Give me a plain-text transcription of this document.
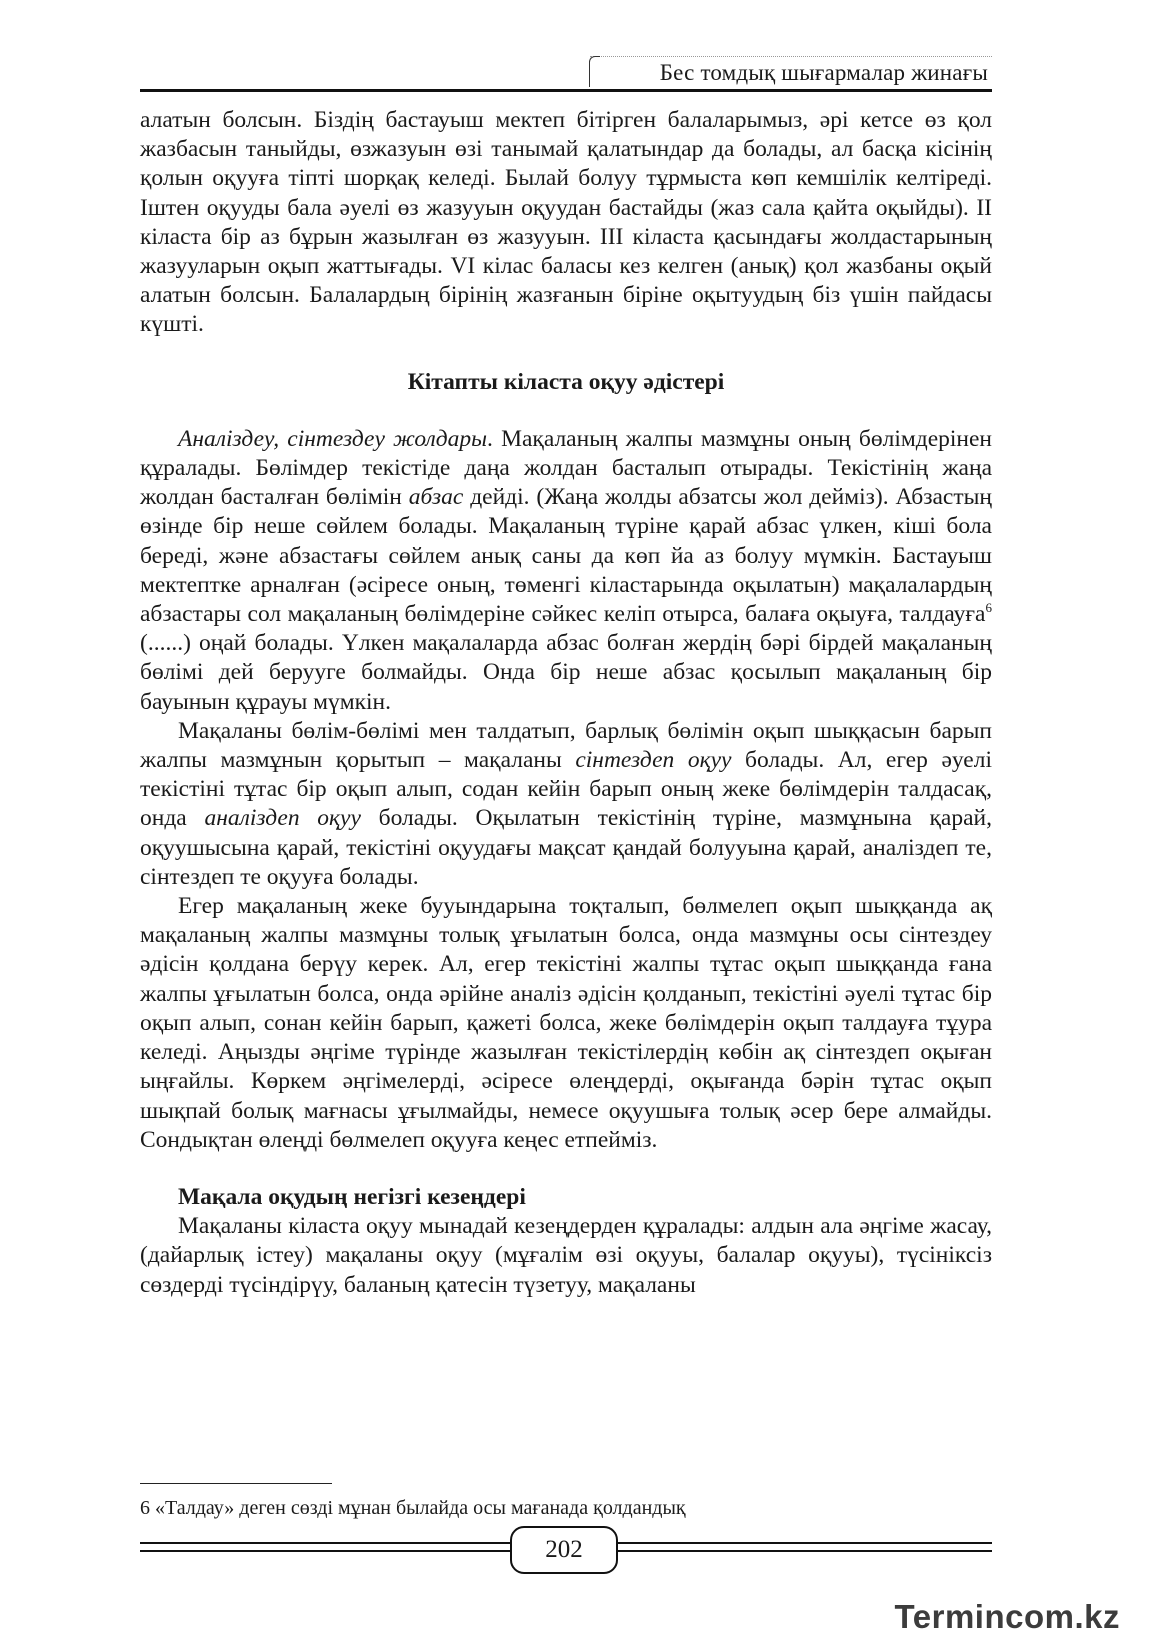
Бес томдық шығармалар жинағы

алатын болсын. Біздің бастауыш мектеп бітірген балаларымыз, әрі кетсе өз қол жазбасын таныйды, өзжазуын өзі танымай қалатындар да болады, ал басқа кісінің қолын оқууға тіпті шорқақ келеді. Былай болуу тұрмыста көп кемшілік келтіреді. Іштен оқууды бала әуелі өз жазууын оқуудан бастайды (жаз сала қайта оқыйды). ІІ кіласта бір аз бұрын жазылған өз жазууын. ІІІ кіласта қасындағы жолдастарының жазууларын оқып жаттығады. VІ кілас баласы кез келген (анық) қол жазбаны оқый алатын болсын. Балалардың бірінің жазғанын біріне оқытуудың біз үшін пайдасы күшті.

Кітапты кіласта оқуу әдістері

Аналіздеу, сінтездеу жолдары. Мақаланың жалпы мазмұны оның бөлімдерінен құралады. Бөлімдер текістіде даңа жолдан басталып отырады. Текістінің жаңа жолдан басталған бөлімін абзас дейді. (Жаңа жолды абзатсы жол дейміз). Абзастың өзінде бір неше сөйлем болады. Мақаланың түріне қарай абзас үлкен, кіші бола береді, және абзастағы сөйлем анық саны да көп йа аз болуу мүмкін. Бастауыш мектептке арналған (әсіресе оның, төменгі кіластарында оқылатын) мақалалардың абзастары сол мақаланың бөлімдеріне сәйкес келіп отырса, балаға оқыуға, талдауға$^6$ (......) оңай болады. Үлкен мақалаларда абзас болған жердің бәрі бірдей мақаланың бөлімі дей берууге болмайды. Онда бір неше абзас қосылып мақаланың бір бауынын құрауы мүмкін.

Мақаланы бөлім-бөлімі мен талдатып, барлық бөлімін оқып шыққасын барып жалпы мазмұнын қорытып – мақаланы сінтездеп оқуу болады. Ал, егер әуелі текістіні тұтас бір оқып алып, содан кейін барып оның жеке бөлімдерін талдасақ, онда аналіздеп оқуу болады. Оқылатын текістінің түріне, мазмұнына қарай, оқуушысына қарай, текістіні оқуудағы мақсат қандай болууына қарай, аналіздеп те, сінтездеп те оқууға болады.

Егер мақаланың жеке бууындарына тоқталып, бөлмелеп оқып шыққанда ақ мақаланың жалпы мазмұны толық ұғылатын болса, онда мазмұны осы сінтездеу әдісін қолдана берүу керек. Ал, егер текістіні жалпы тұтас оқып шыққанда ғана жалпы ұғылатын болса, онда әрійне аналіз әдісін қолданып, текістіні әуелі тұтас бір оқып алып, сонан кейін барып, қажеті болса, жеке бөлімдерін оқып талдауға тұура келеді. Аңызды әңгіме түрінде жазылған текістілердің көбін ақ сінтездеп оқыған ыңғайлы. Көркем әңгімелерді, әсіресе өлеңдерді, оқығанда бәрін тұтас оқып шықпай болық мағнасы ұғылмайды, немесе оқуушыға толық әсер бере алмайды. Сондықтан өлеңді бөлмелеп оқууға кеңес етпейміз.

Мақала оқудың негізгі кезеңдері

Мақаланы кіласта оқуу мынадай кезеңдерден құралады: алдын ала әңгіме жасау, (дайарлық істеу) мақаланы оқуу (мұғалім өзі оқууы, балалар оқууы), түсініксіз сөздерді түсіндірүу, баланың қатесін түзетуу, мақаланы

6 «Талдау» деген сөзді мұнан былайда осы мағанада қолдандық
202
Termincom.kz
